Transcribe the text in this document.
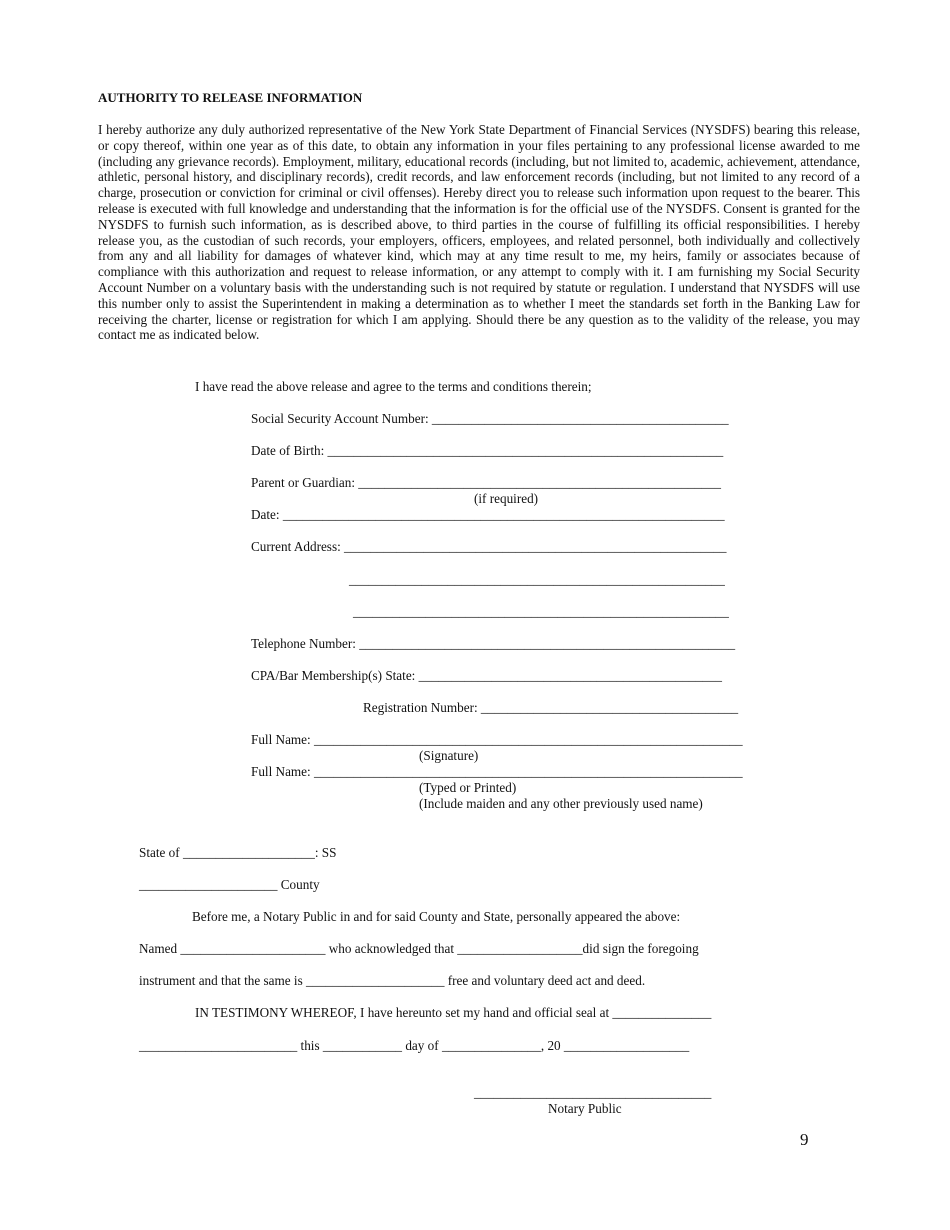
AUTHORITY TO RELEASE INFORMATION
I hereby authorize any duly authorized representative of the New York State Department of Financial Services (NYSDFS) bearing this release, or copy thereof, within one year as of this date, to obtain any information in your files pertaining to any professional license awarded to me (including any grievance records). Employment, military, educational records (including, but not limited to, academic, achievement, attendance, athletic, personal history, and disciplinary records), credit records, and law enforcement records (including, but not limited to any record of a charge, prosecution or conviction for criminal or civil offenses). Hereby direct you to release such information upon request to the bearer. This release is executed with full knowledge and understanding that the information is for the official use of the NYSDFS. Consent is granted for the NYSDFS to furnish such information, as is described above, to third parties in the course of fulfilling its official responsibilities. I hereby release you, as the custodian of such records, your employers, officers, employees, and related personnel, both individually and collectively from any and all liability for damages of whatever kind, which may at any time result to me, my heirs, family or associates because of compliance with this authorization and request to release information, or any attempt to comply with it. I am furnishing my Social Security Account Number on a voluntary basis with the understanding such is not required by statute or regulation. I understand that NYSDFS will use this number only to assist the Superintendent in making a determination as to whether I meet the standards set forth in the Banking Law for receiving the charter, license or registration for which I am applying. Should there be any question as to the validity of the release, you may contact me as indicated below.
I have read the above release and agree to the terms and conditions therein;
Social Security Account Number: _____________________________________________
Date of Birth: ____________________________________________________________
Parent or Guardian: _______________________________________________________
(if required)
Date: ___________________________________________________________________
Current Address: __________________________________________________________
_________________________________________________________
_________________________________________________________
Telephone Number: _________________________________________________________
CPA/Bar Membership(s) State: ______________________________________________
Registration Number: _______________________________________
Full Name: _________________________________________________________________
(Signature)
Full Name: _________________________________________________________________
(Typed or Printed)
(Include maiden and any other previously used name)
State of ____________________: SS
_____________________ County
Before me, a Notary Public in and for said County and State, personally appeared the above:
Named ______________________ who acknowledged that ___________________did sign the foregoing
instrument and that the same is _____________________ free and voluntary deed act and deed.
IN TESTIMONY WHEREOF, I have hereunto set my hand and official seal at _______________
________________________ this ____________ day of _______________, 20 ___________________
____________________________________
Notary Public
9
